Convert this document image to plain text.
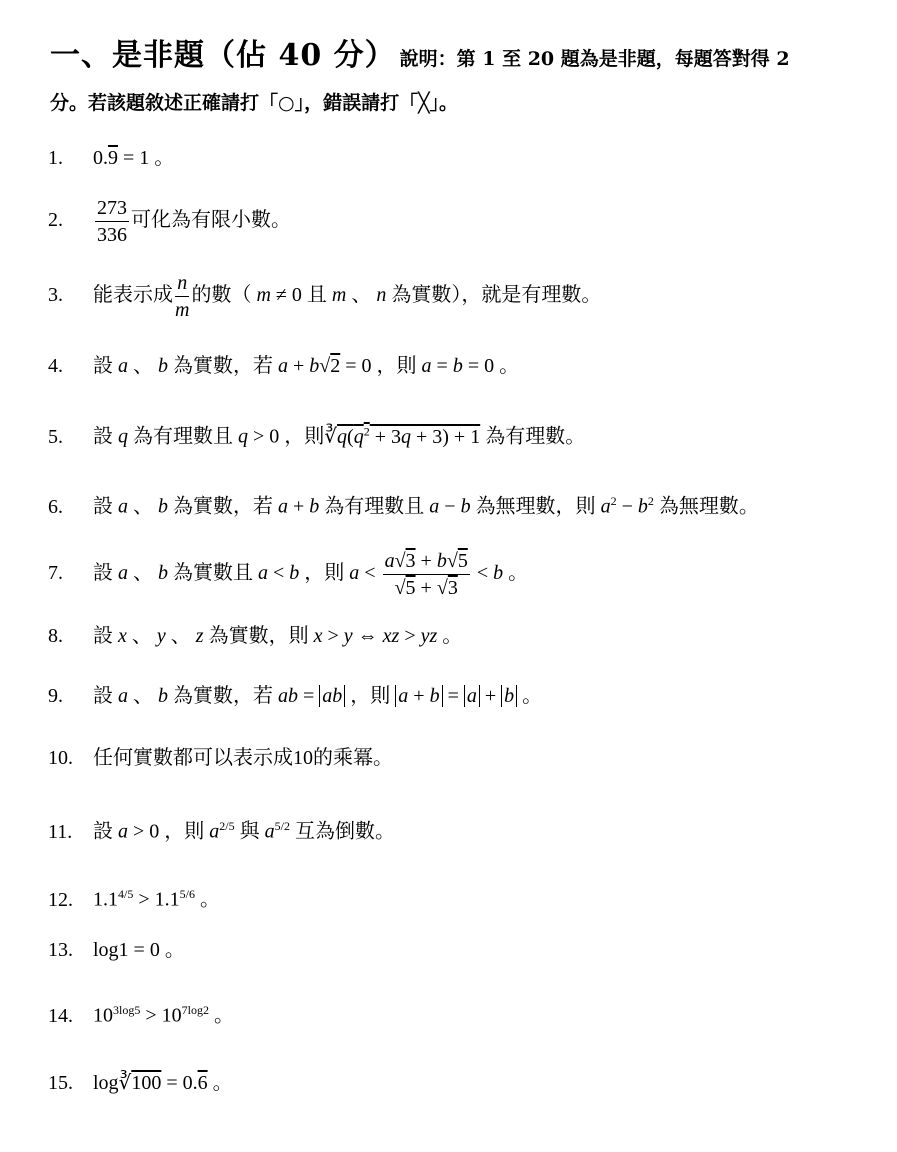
一、是非題（佔 40 分） 說明：第 1 至 20 題為是非題，每題答對得 2
分。若該題敘述正確請打「○」，錯誤請打「╳」。
1. 0.9 = 1 。
2. $\frac{273}{336}$ 可化為有限小數。
3. 能表示成 $\frac{n}{m}$ 的數（ m ≠ 0 且 m 、 n 為實數），就是有理數。
4. 設 a 、 b 為實數，若 a + b√2 = 0 ，則 a = b = 0 。
5. 設 q 為有理數且 q > 0 ，則$∛q(q^2 + 3q + 3) + 1$ 為有理數。
6. 設 a 、 b 為實數，若 a + b 為有理數且 a − b 為無理數，則 $a^2 - b^2$ 為無理數。
7. 設 a 、 b 為實數且 a < b ，則 $a < \frac{a√3 + b√5}{√5 + √3} < b$ 。
8. 設 x 、 y 、 z 為實數，則 x > y ⇔ xz > yz 。
9. 設 a 、 b 為實數，若 ab = ab ，則 a + b = a + b 。
10. 任何實數都可以表示成10的乘冪。
11. 設 a > 0 ，則 $a^{2/5}$ 與 $a^{5/2}$ 互為倒數。
12. $1.1^{4/5} > 1.1^{5/6}$ 。
13. log1 = 0 。
14. $10^{3log5} > 10^{7log2}$ 。
15. log∛100 = 0.6 。
